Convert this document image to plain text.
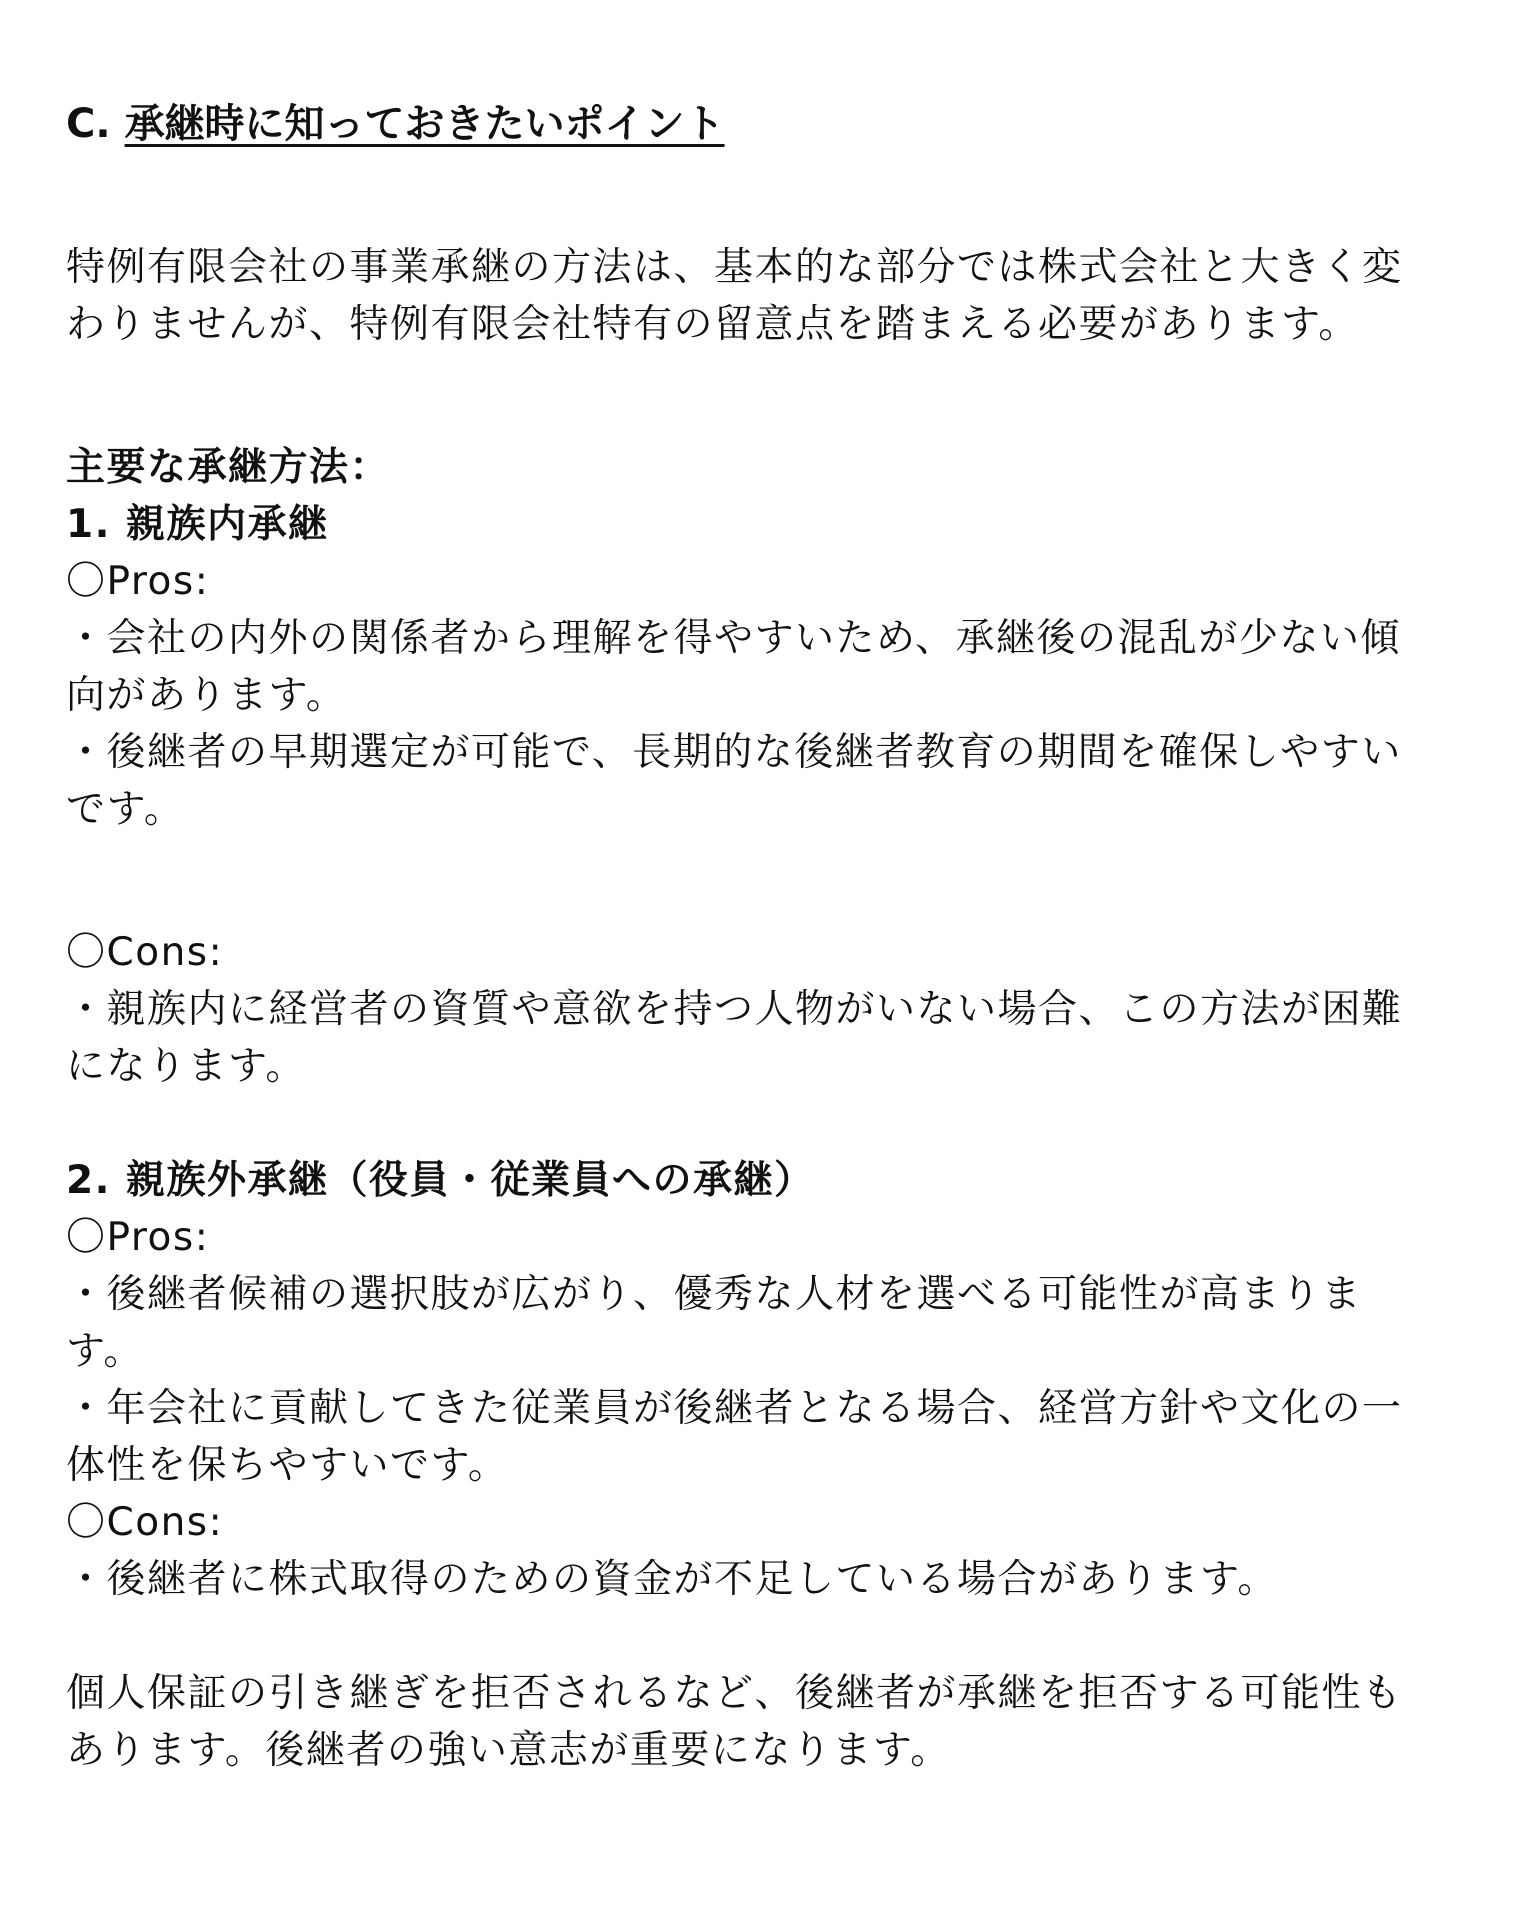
C. 承継時に知っておきたいポイント
特例有限会社の事業承継の方法は、基本的な部分では株式会社と大きく変
わりませんが、特例有限会社特有の留意点を踏まえる必要があります。
主要な承継方法：
1. 親族内承継
〇Pros:
・会社の内外の関係者から理解を得やすいため、承継後の混乱が少ない傾
向があります。
・後継者の早期選定が可能で、長期的な後継者教育の期間を確保しやすい
です。
〇Cons:
・親族内に経営者の資質や意欲を持つ人物がいない場合、この方法が困難
になります。
2. 親族外承継（役員・従業員への承継）
〇Pros:
・後継者候補の選択肢が広がり、優秀な人材を選べる可能性が高まりま
す。
・年会社に貢献してきた従業員が後継者となる場合、経営方針や文化の一
体性を保ちやすいです。
〇Cons:
・後継者に株式取得のための資金が不足している場合があります。
個人保証の引き継ぎを拒否されるなど、後継者が承継を拒否する可能性も
あります。後継者の強い意志が重要になります。
